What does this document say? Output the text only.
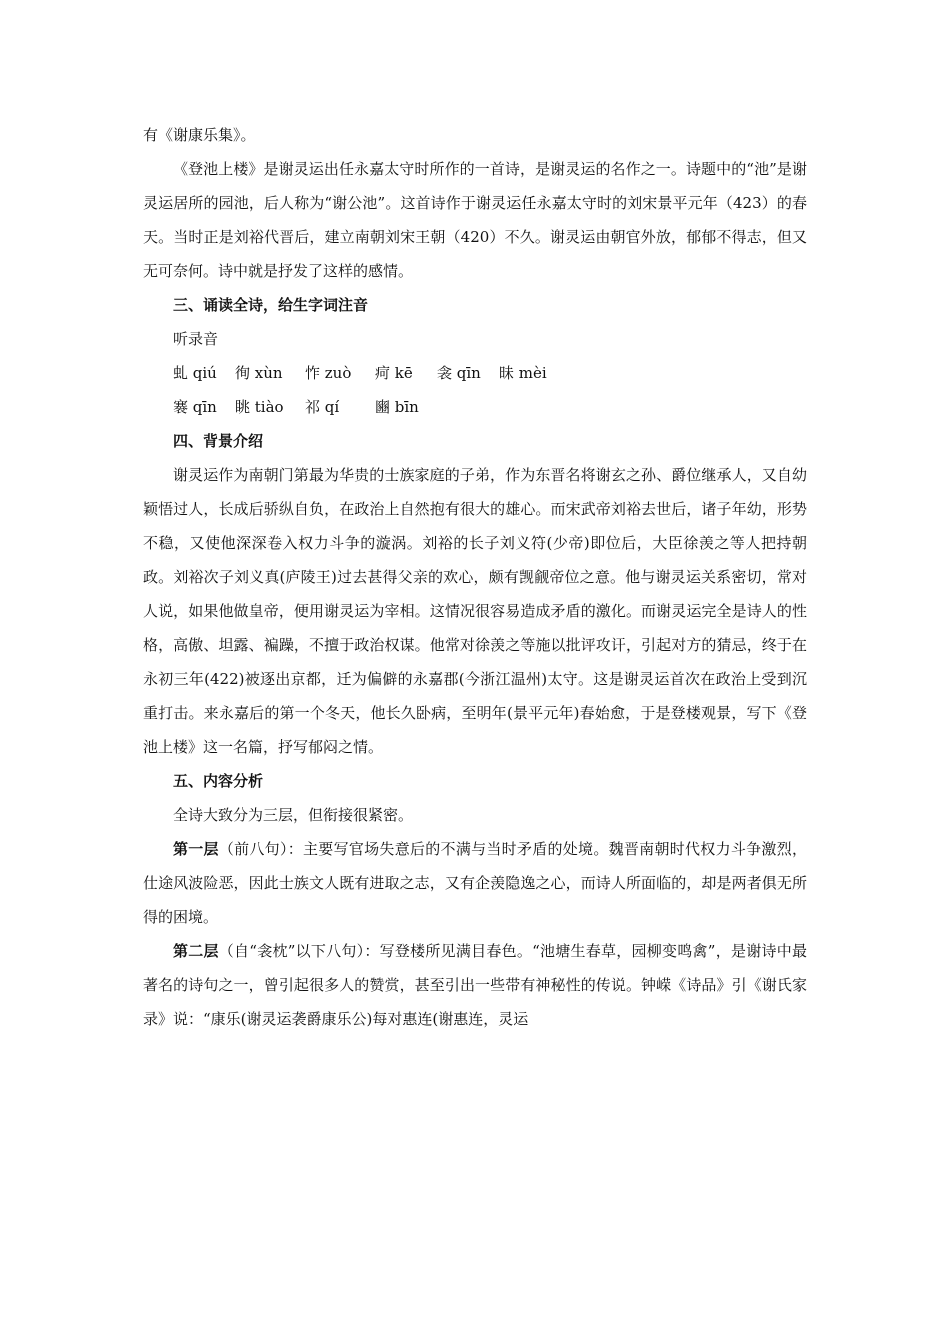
有《谢康乐集》。

《登池上楼》是谢灵运出任永嘉太守时所作的一首诗，是谢灵运的名作之一。诗题中的“池”是谢灵运居所的园池，后人称为“谢公池”。这首诗作于谢灵运任永嘉太守时的刘宋景平元年（423）的春天。当时正是刘裕代晋后，建立南朝刘宋王朝（420）不久。谢灵运由朝官外放，郁郁不得志，但又无可奈何。诗中就是抒发了这样的感情。

三、诵读全诗，给生字词注音

听录音

虬 qiú 徇 xùn 怍 zuò 疴 kē 衾 qīn 昧 mèi

褰 qīn 眺 tiào 祁 qí 豳 bīn

四、背景介绍

谢灵运作为南朝门第最为华贵的士族家庭的子弟，作为东晋名将谢玄之孙、爵位继承人，又自幼颖悟过人，长成后骄纵自负，在政治上自然抱有很大的雄心。而宋武帝刘裕去世后，诸子年幼，形势不稳，又使他深深卷入权力斗争的漩涡。刘裕的长子刘义符(少帝)即位后，大臣徐羡之等人把持朝政。刘裕次子刘义真(庐陵王)过去甚得父亲的欢心，颇有觊觎帝位之意。他与谢灵运关系密切，常对人说，如果他做皇帝，便用谢灵运为宰相。这情况很容易造成矛盾的激化。而谢灵运完全是诗人的性格，高傲、坦露、褊躁，不擅于政治权谋。他常对徐羡之等施以批评攻讦，引起对方的猜忌，终于在永初三年(422)被逐出京都，迁为偏僻的永嘉郡(今浙江温州)太守。这是谢灵运首次在政治上受到沉重打击。来永嘉后的第一个冬天，他长久卧病，至明年(景平元年)春始愈，于是登楼观景，写下《登池上楼》这一名篇，抒写郁闷之情。

五、内容分析

全诗大致分为三层，但衔接很紧密。

第一层（前八句）：主要写官场失意后的不满与当时矛盾的处境。魏晋南朝时代权力斗争激烈，仕途风波险恶，因此士族文人既有进取之志，又有企羡隐逸之心，而诗人所面临的，却是两者俱无所得的困境。

第二层（自“衾枕”以下八句）：写登楼所见满目春色。“池塘生春草，园柳变鸣禽”，是谢诗中最著名的诗句之一，曾引起很多人的赞赏，甚至引出一些带有神秘性的传说。钟嵘《诗品》引《谢氏家录》说：“康乐(谢灵运袭爵康乐公)每对惠连(谢惠连，灵运
